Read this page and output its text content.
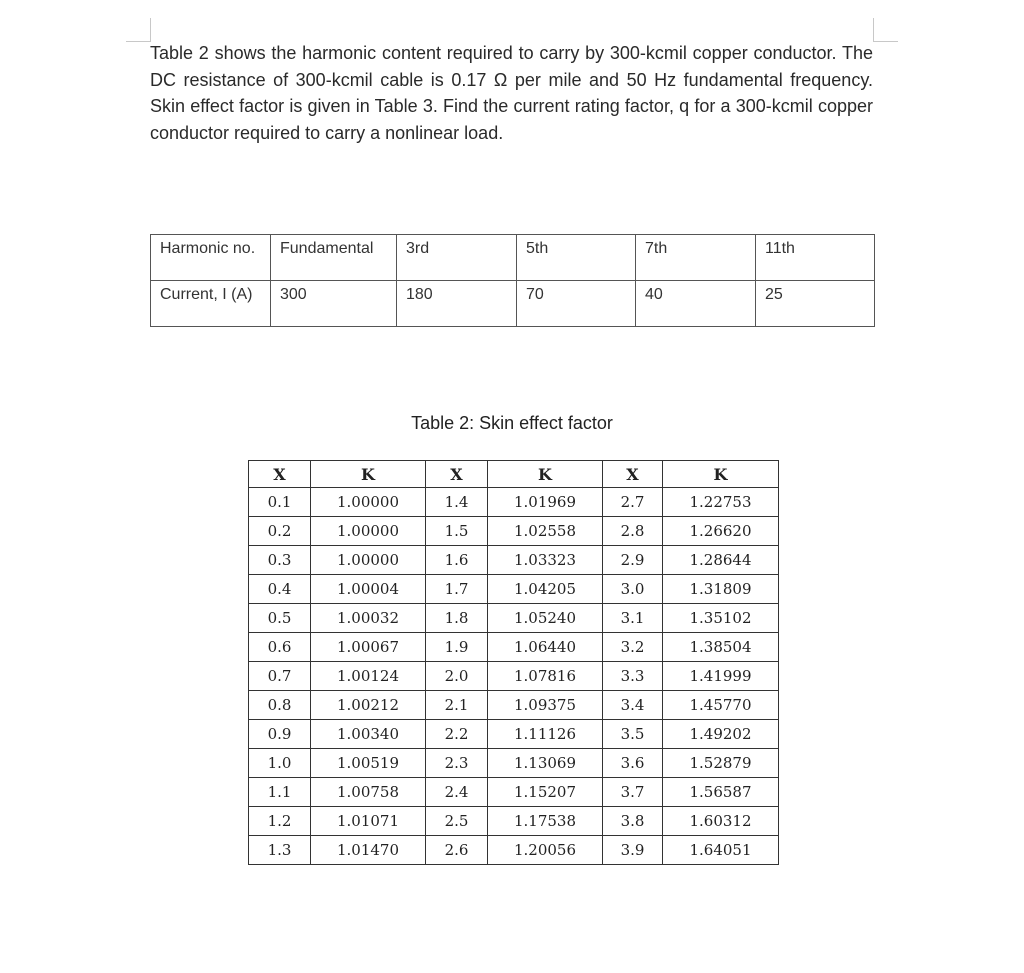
Table 2 shows the harmonic content required to carry by 300-kcmil copper conductor. The DC resistance of 300-kcmil cable is 0.17 Ω per mile and 50 Hz fundamental frequency. Skin effect factor is given in Table 3. Find the current rating factor, q for a 300-kcmil copper conductor required to carry a nonlinear load.

Harmonic no.	Fundamental	3rd	5th	7th	11th
Current, I (A)	300	180	70	40	25
Table 2: Skin effect factor
X	K	X	K	X	K
0.1	1.00000	1.4	1.01969	2.7	1.22753
0.2	1.00000	1.5	1.02558	2.8	1.26620
0.3	1.00000	1.6	1.03323	2.9	1.28644
0.4	1.00004	1.7	1.04205	3.0	1.31809
0.5	1.00032	1.8	1.05240	3.1	1.35102
0.6	1.00067	1.9	1.06440	3.2	1.38504
0.7	1.00124	2.0	1.07816	3.3	1.41999
0.8	1.00212	2.1	1.09375	3.4	1.45770
0.9	1.00340	2.2	1.11126	3.5	1.49202
1.0	1.00519	2.3	1.13069	3.6	1.52879
1.1	1.00758	2.4	1.15207	3.7	1.56587
1.2	1.01071	2.5	1.17538	3.8	1.60312
1.3	1.01470	2.6	1.20056	3.9	1.64051
